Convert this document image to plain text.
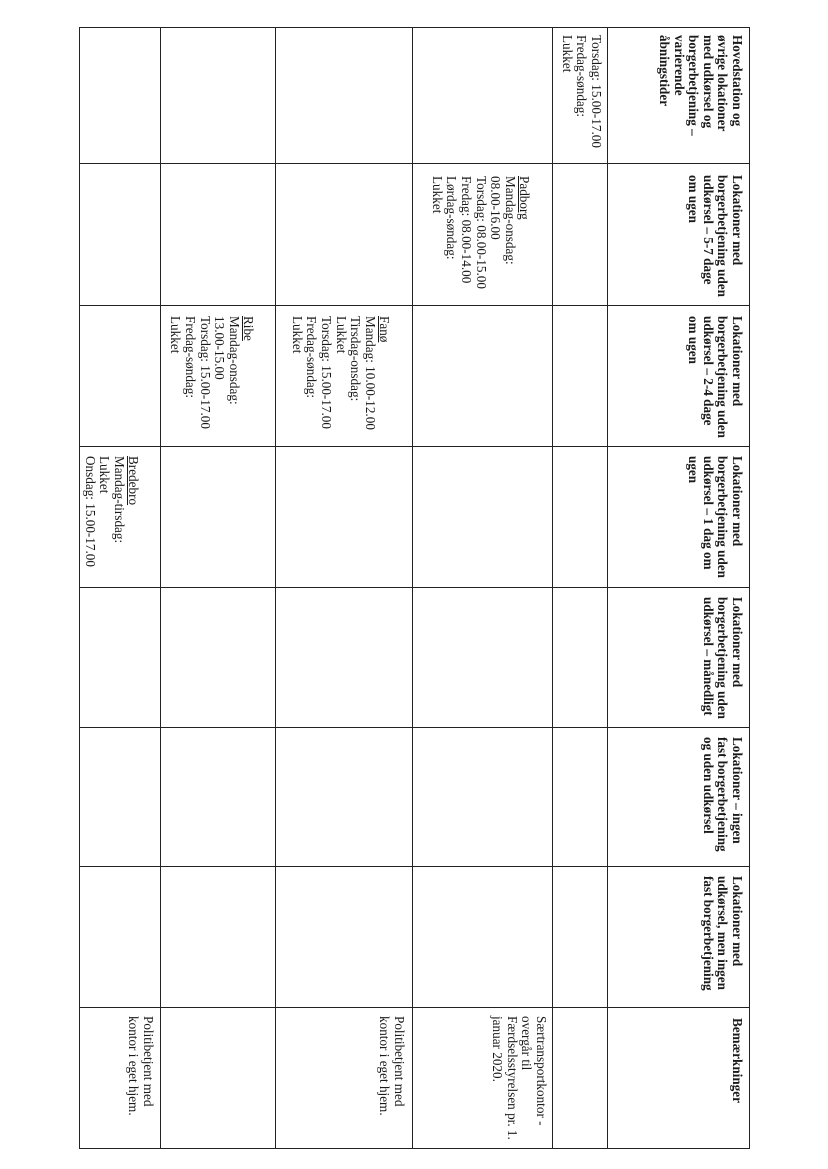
Hovedstation og øvrige lokationer med udkørsel og borgerbetjening – varierende åbningstider
Lokationer med borgerbetjening uden udkørsel – 5-7 dage om ugen
Lokationer med borgerbetjening uden udkørsel – 2-4 dage om ugen
Lokationer med borgerbetjening uden udkørsel – 1 dag om ugen
Lokationer med borgerbetjening uden udkørsel – månedligt
Lokationer – ingen fast borgerbetjening og uden udkørsel
Lokationer med udkørsel, men ingen fast borgerbetjening
Bemærkninger
Torsdag: 15.00-17.00
Fredag-søndag:
Lukket
Særtransportkontor - overgår til Færdselsstyrelsen pr. 1. januar 2020.

Padborg

Mandag-onsdag:
08.00-16.00
Torsdag: 08.00-15.00
Fredag: 08.00-14.00
Lørdag-søndag:
Lukket

Fanø

Mandag: 10.00-12.00
Tirsdag-onsdag:
Lukket
Torsdag: 15.00-17.00
Fredag-søndag:
Lukket

Politibetjent med kontor i eget hjem.

Ribe

Mandag-onsdag:
13.00-15.00
Torsdag: 15.00-17.00
Fredag-søndag:
Lukket

Bredebro

Mandag-tirsdag:
Lukket
Onsdag: 15.00-17.00

Politibetjent med kontor i eget hjem.
